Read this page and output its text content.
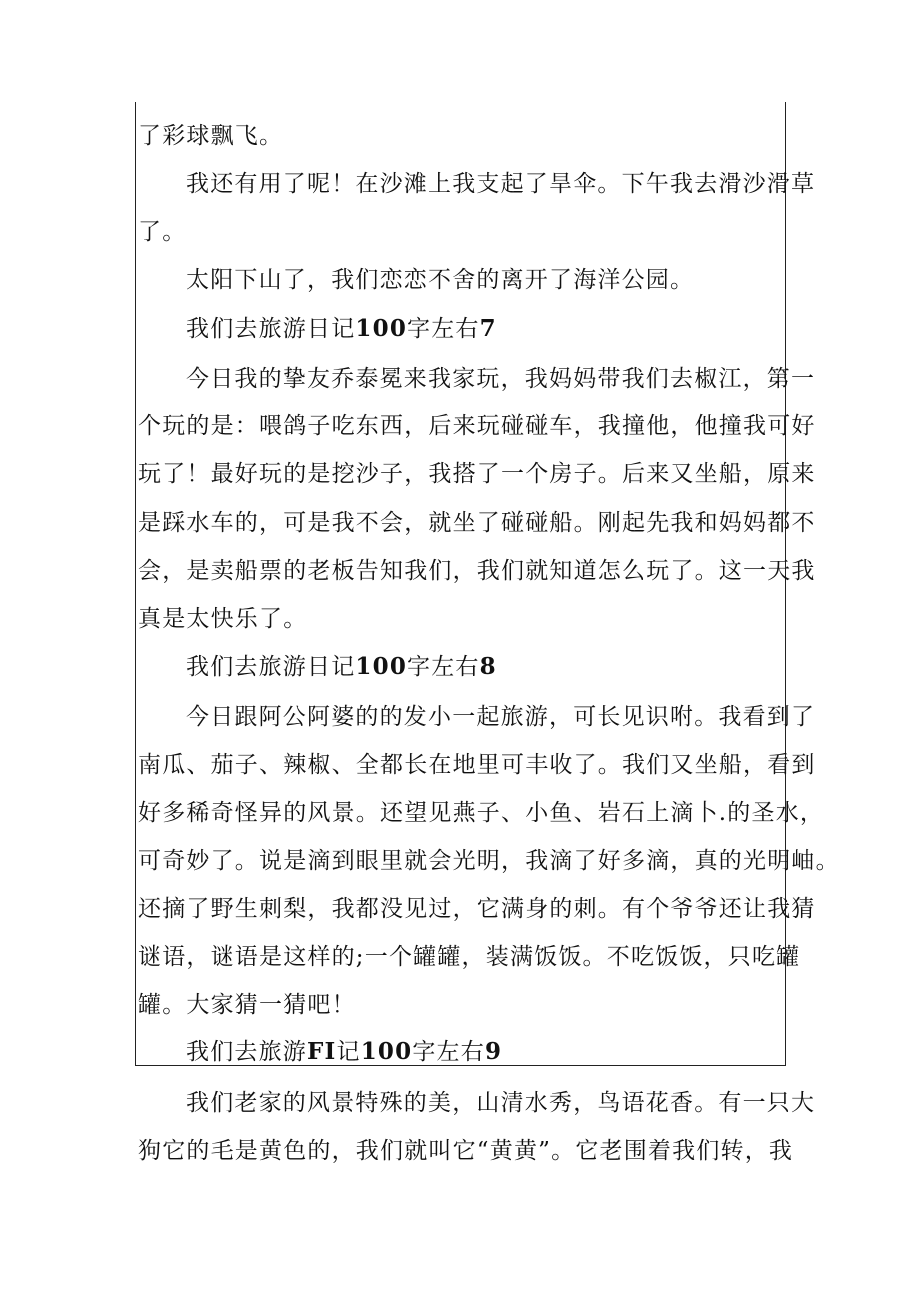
了彩球飘飞。
我还有用了呢！在沙滩上我支起了旱伞。下午我去滑沙滑草
了。
太阳下山了，我们恋恋不舍的离开了海洋公园。
我们去旅游日记100字左右7
今日我的挚友乔泰冕来我家玩，我妈妈带我们去椒江，第一
个玩的是：喂鸽子吃东西，后来玩碰碰车，我撞他，他撞我可好
玩了！最好玩的是挖沙子，我搭了一个房子。后来又坐船，原来
是踩水车的，可是我不会，就坐了碰碰船。刚起先我和妈妈都不
会，是卖船票的老板告知我们，我们就知道怎么玩了。这一天我
真是太快乐了。
我们去旅游日记100字左右8
今日跟阿公阿婆的的发小一起旅游，可长见识咐。我看到了
南瓜、茄子、辣椒、全都长在地里可丰收了。我们又坐船，看到
好多稀奇怪异的风景。还望见燕子、小鱼、岩石上滴卜.的圣水，
可奇妙了。说是滴到眼里就会光明，我滴了好多滴，真的光明岫。
还摘了野生刺梨，我都没见过，它满身的刺。有个爷爷还让我猜
谜语，谜语是这样的;一个罐罐，装满饭饭。不吃饭饭，只吃罐
罐。大家猜一猜吧！
我们去旅游FI记100字左右9
我们老家的风景特殊的美，山清水秀，鸟语花香。有一只大
狗它的毛是黄色的，我们就叫它“黄黄”。它老围着我们转，我
